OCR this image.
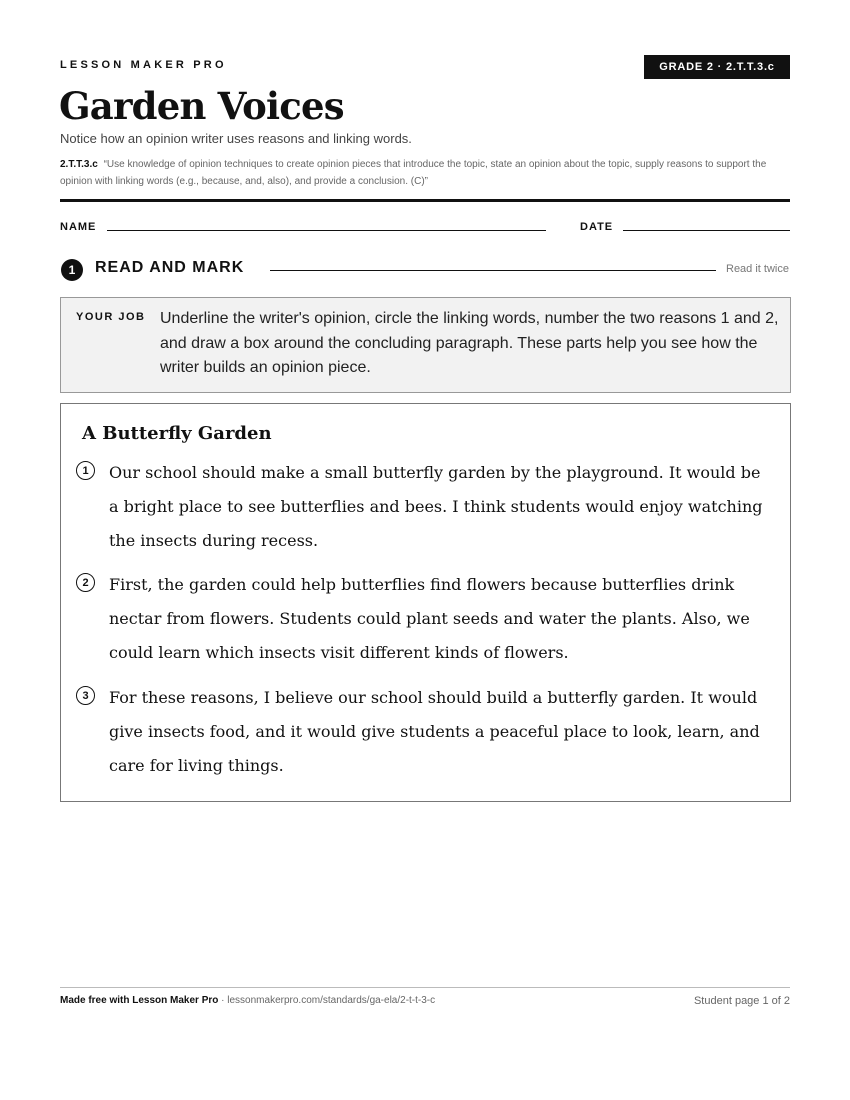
LESSON MAKER PRO	GRADE 2 · 2.T.T.3.c
Garden Voices
Notice how an opinion writer uses reasons and linking words.
2.T.T.3.c “Use knowledge of opinion techniques to create opinion pieces that introduce the topic, state an opinion about the topic, supply reasons to support the opinion with linking words (e.g., because, and, also), and provide a conclusion. (C)”
NAME	DATE
1	READ AND MARK	Read it twice
YOUR JOB Underline the writer's opinion, circle the linking words, number the two reasons 1 and 2, and draw a box around the concluding paragraph. These parts help you see how the writer builds an opinion piece.
A Butterfly Garden
1	Our school should make a small butterfly garden by the playground. It would be a bright place to see butterflies and bees. I think students would enjoy watching the insects during recess.

2	First, the garden could help butterflies find flowers because butterflies drink nectar from flowers. Students could plant seeds and water the plants. Also, we could learn which insects visit different kinds of flowers.

3	For these reasons, I believe our school should build a butterfly garden. It would give insects food, and it would give students a peaceful place to look, learn, and care for living things.

Made free with Lesson Maker Pro · lessonmakerpro.com/standards/ga-ela/2-t-t-3-c	Student page 1 of 2
